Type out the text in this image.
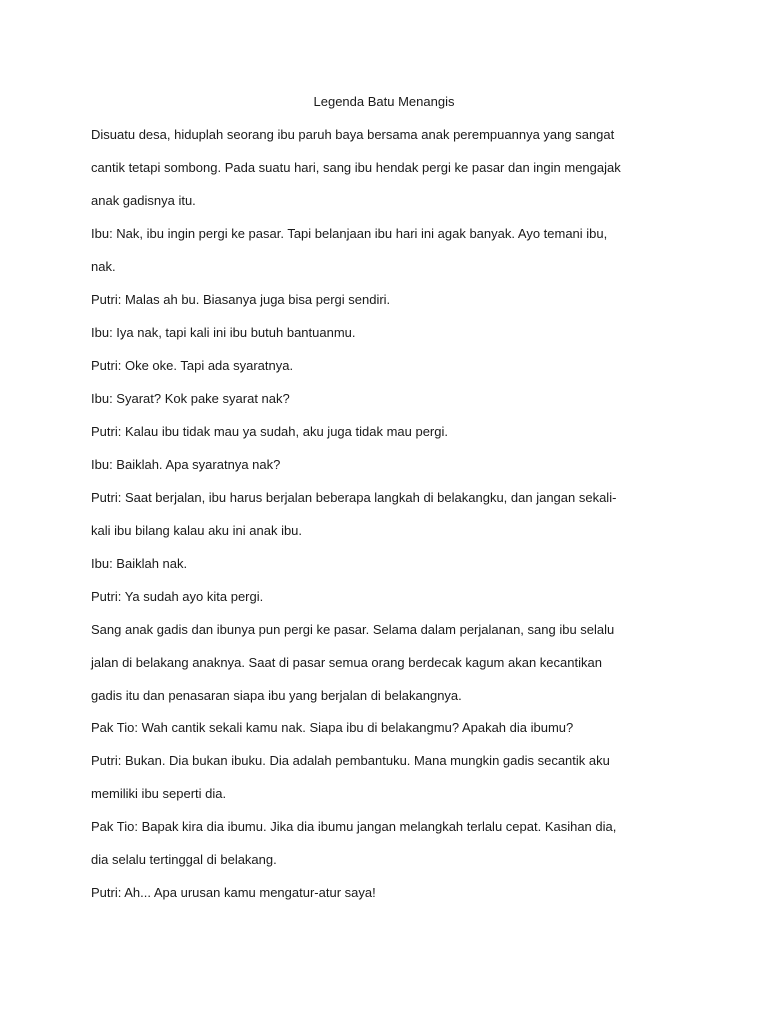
Legenda Batu Menangis
Disuatu desa, hiduplah seorang ibu paruh baya bersama anak perempuannya yang sangat
cantik tetapi sombong. Pada suatu hari, sang ibu hendak pergi ke pasar dan ingin mengajak
anak gadisnya itu.
Ibu: Nak, ibu ingin pergi ke pasar. Tapi belanjaan ibu hari ini agak banyak. Ayo temani ibu,
nak.
Putri: Malas ah bu. Biasanya juga bisa pergi sendiri.
Ibu: Iya nak, tapi kali ini ibu butuh bantuanmu.
Putri: Oke oke. Tapi ada syaratnya.
Ibu: Syarat? Kok pake syarat nak?
Putri: Kalau ibu tidak mau ya sudah, aku juga tidak mau pergi.
Ibu: Baiklah. Apa syaratnya nak?
Putri: Saat berjalan, ibu harus berjalan beberapa langkah di belakangku, dan jangan sekali-
kali ibu bilang kalau aku ini anak ibu.
Ibu: Baiklah nak.
Putri: Ya sudah ayo kita pergi.
Sang anak gadis dan ibunya pun pergi ke pasar. Selama dalam perjalanan, sang ibu selalu
jalan di belakang anaknya. Saat di pasar semua orang berdecak kagum akan kecantikan
gadis itu dan penasaran siapa ibu yang berjalan di belakangnya.
Pak Tio: Wah cantik sekali kamu nak. Siapa ibu di belakangmu? Apakah dia ibumu?
Putri: Bukan. Dia bukan ibuku. Dia adalah pembantuku. Mana mungkin gadis secantik aku
memiliki ibu seperti dia.
Pak Tio: Bapak kira dia ibumu. Jika dia ibumu jangan melangkah terlalu cepat. Kasihan dia,
dia selalu tertinggal di belakang.
Putri: Ah... Apa urusan kamu mengatur-atur saya!
